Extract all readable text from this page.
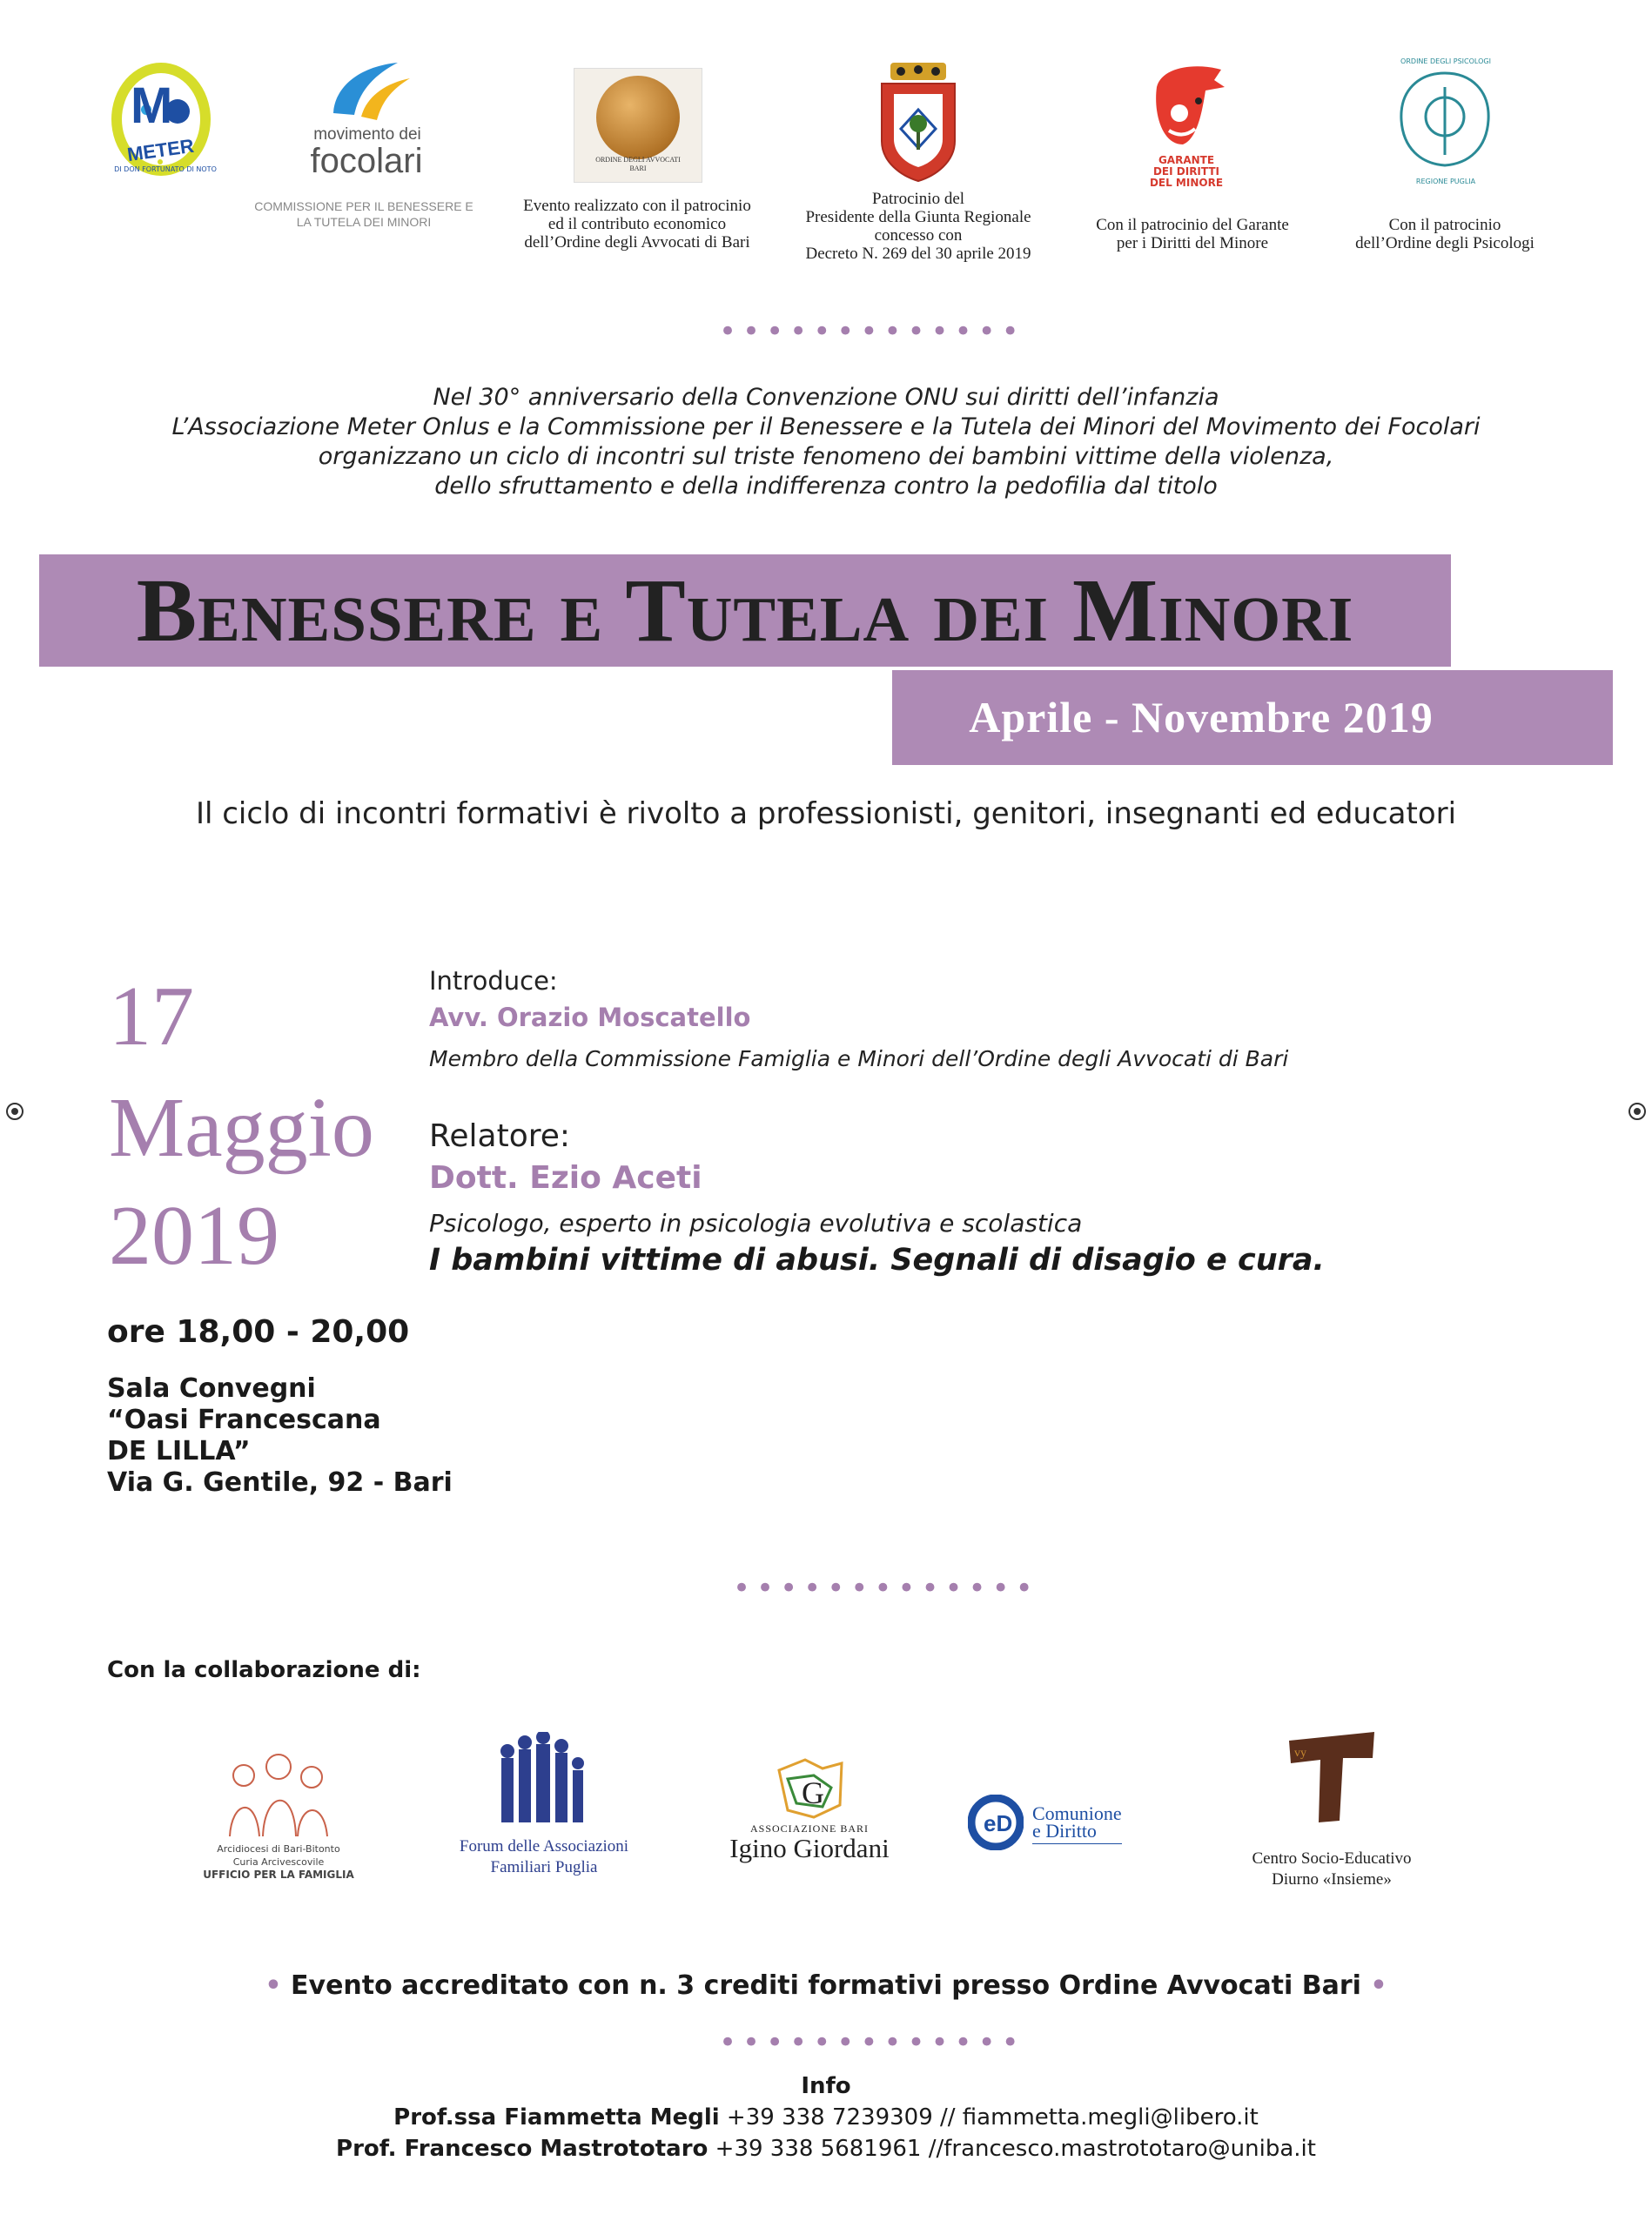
M
METER
DI DON FORTUNATO DI NOTO
movimento dei
focolari
COMMISSIONE PER IL BENESSERE E
LA TUTELA DEI MINORI
ORDINE DEGLI AVVOCATI
BARI
Evento realizzato con il patrocinio
ed il contributo economico
dell’Ordine degli Avvocati di Bari
Patrocinio del
Presidente della Giunta Regionale
concesso con
Decreto N. 269 del 30 aprile 2019
GARANTE
DEI DIRITTI
DEL MINORE
Con il patrocinio del Garante
per i Diritti del Minore
ORDINE DEGLI PSICOLOGI
REGIONE PUGLIA
Con il patrocinio
dell’Ordine degli Psicologi
•••••••••••••
Nel 30° anniversario della Convenzione ONU sui diritti dell’infanzia
L’Associazione Meter Onlus e la Commissione per il Benessere e la Tutela dei Minori del Movimento dei Focolari
organizzano un ciclo di incontri sul triste fenomeno dei bambini vittime della violenza,
dello sfruttamento e della indifferenza contro la pedofilia dal titolo
Benessere e Tutela dei Minori
Aprile - Novembre 2019
Il ciclo di incontri formativi è rivolto a professionisti, genitori, insegnanti ed educatori
17
Maggio
2019
ore 18,00 - 20,00
Sala Convegni
“Oasi Francescana
DE LILLA”
Via G. Gentile, 92 - Bari
Introduce:
Avv. Orazio Moscatello
Membro della Commissione Famiglia e Minori dell’Ordine degli Avvocati di Bari
Relatore:
Dott. Ezio Aceti
Psicologo, esperto in psicologia evolutiva e scolastica
I bambini vittime di abusi. Segnali di disagio e cura.
•••••••••••••
Con la collaborazione di:
Arcidiocesi di Bari-Bitonto
Curia Arcivescovile
UFFICIO PER LA FAMIGLIA
Forum delle Associazioni
Familiari Puglia
G
ASSOCIAZIONE BARI
Igino Giordani
eD Comunione
e Diritto
vy
Centro Socio-Educativo
Diurno «Insieme»
• Evento accreditato con n. 3 crediti formativi presso Ordine Avvocati Bari •
•••••••••••••
Info
Prof.ssa Fiammetta Megli +39 338 7239309 // fiammetta.megli@libero.it
Prof. Francesco Mastrototaro +39 338 5681961 //francesco.mastrototaro@uniba.it
